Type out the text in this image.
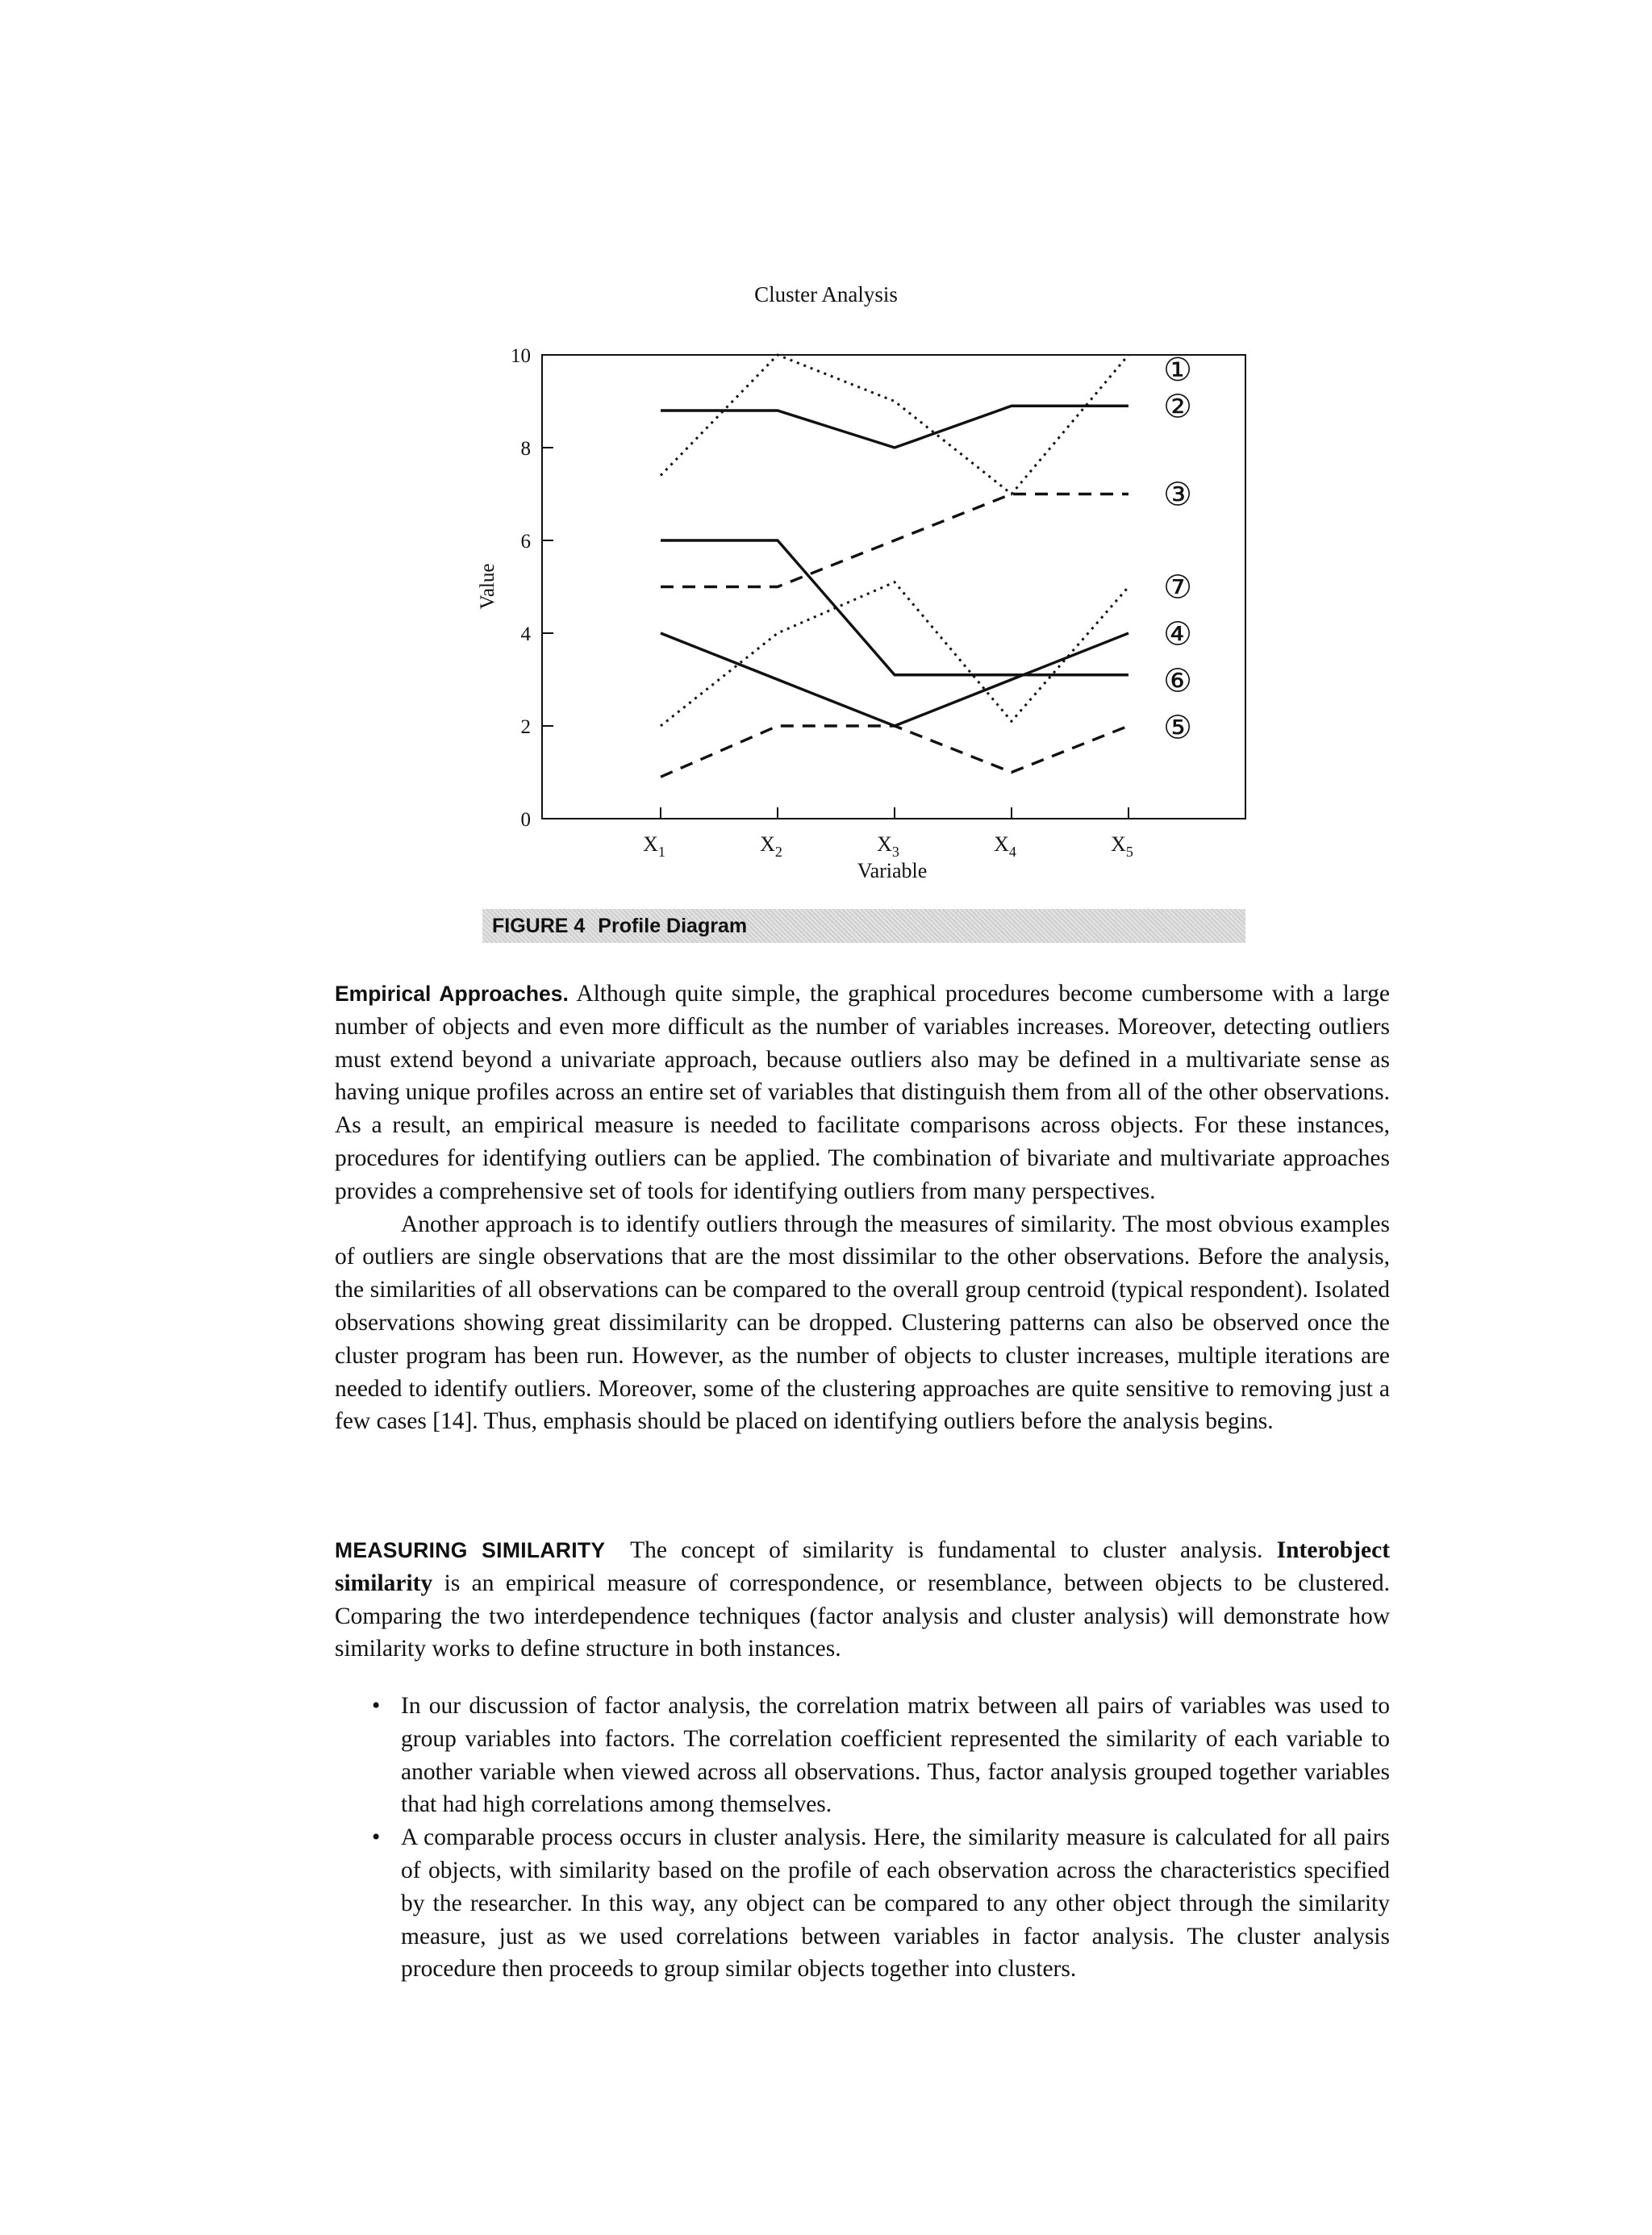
Cluster Analysis
0
2
4
6
8
10
$X_1$	$X_2$	$X_3$	$X_4$	$X_5$
①
②
③
⑦
④
⑥
⑤
Value
Variable
FIGURE 4 Profile Diagram

Empirical Approaches. Although quite simple, the graphical procedures become cumbersome with a large number of objects and even more difficult as the number of variables increases. Moreover, detecting outliers must extend beyond a univariate approach, because outliers also may be defined in a multivariate sense as having unique profiles across an entire set of variables that distinguish them from all of the other observations. As a result, an empirical measure is needed to facilitate comparisons across objects. For these instances, procedures for identifying outliers can be applied. The combination of bivariate and multivariate approaches provides a comprehensive set of tools for identifying outliers from many perspectives.

Another approach is to identify outliers through the measures of similarity. The most obvious examples of outliers are single observations that are the most dissimilar to the other observations. Before the analysis, the similarities of all observations can be compared to the overall group centroid (typical respondent). Isolated observations showing great dissimilarity can be dropped. Clustering patterns can also be observed once the cluster program has been run. However, as the number of objects to cluster increases, multiple iterations are needed to identify outliers. Moreover, some of the clustering approaches are quite sensitive to removing just a few cases [14]. Thus, emphasis should be placed on identifying outliers before the analysis begins.

MEASURING SIMILARITY The concept of similarity is fundamental to cluster analysis. Interobject similarity is an empirical measure of correspondence, or resemblance, between objects to be clustered. Comparing the two interdependence techniques (factor analysis and cluster analysis) will demonstrate how similarity works to define structure in both instances.

• In our discussion of factor analysis, the correlation matrix between all pairs of variables was used to group variables into factors. The correlation coefficient represented the similarity of each variable to another variable when viewed across all observations. Thus, factor analysis grouped together variables that had high correlations among themselves.
• A comparable process occurs in cluster analysis. Here, the similarity measure is calculated for all pairs of objects, with similarity based on the profile of each observation across the characteristics specified by the researcher. In this way, any object can be compared to any other object through the similarity measure, just as we used correlations between variables in factor analysis. The cluster analysis procedure then proceeds to group similar objects together into clusters.
